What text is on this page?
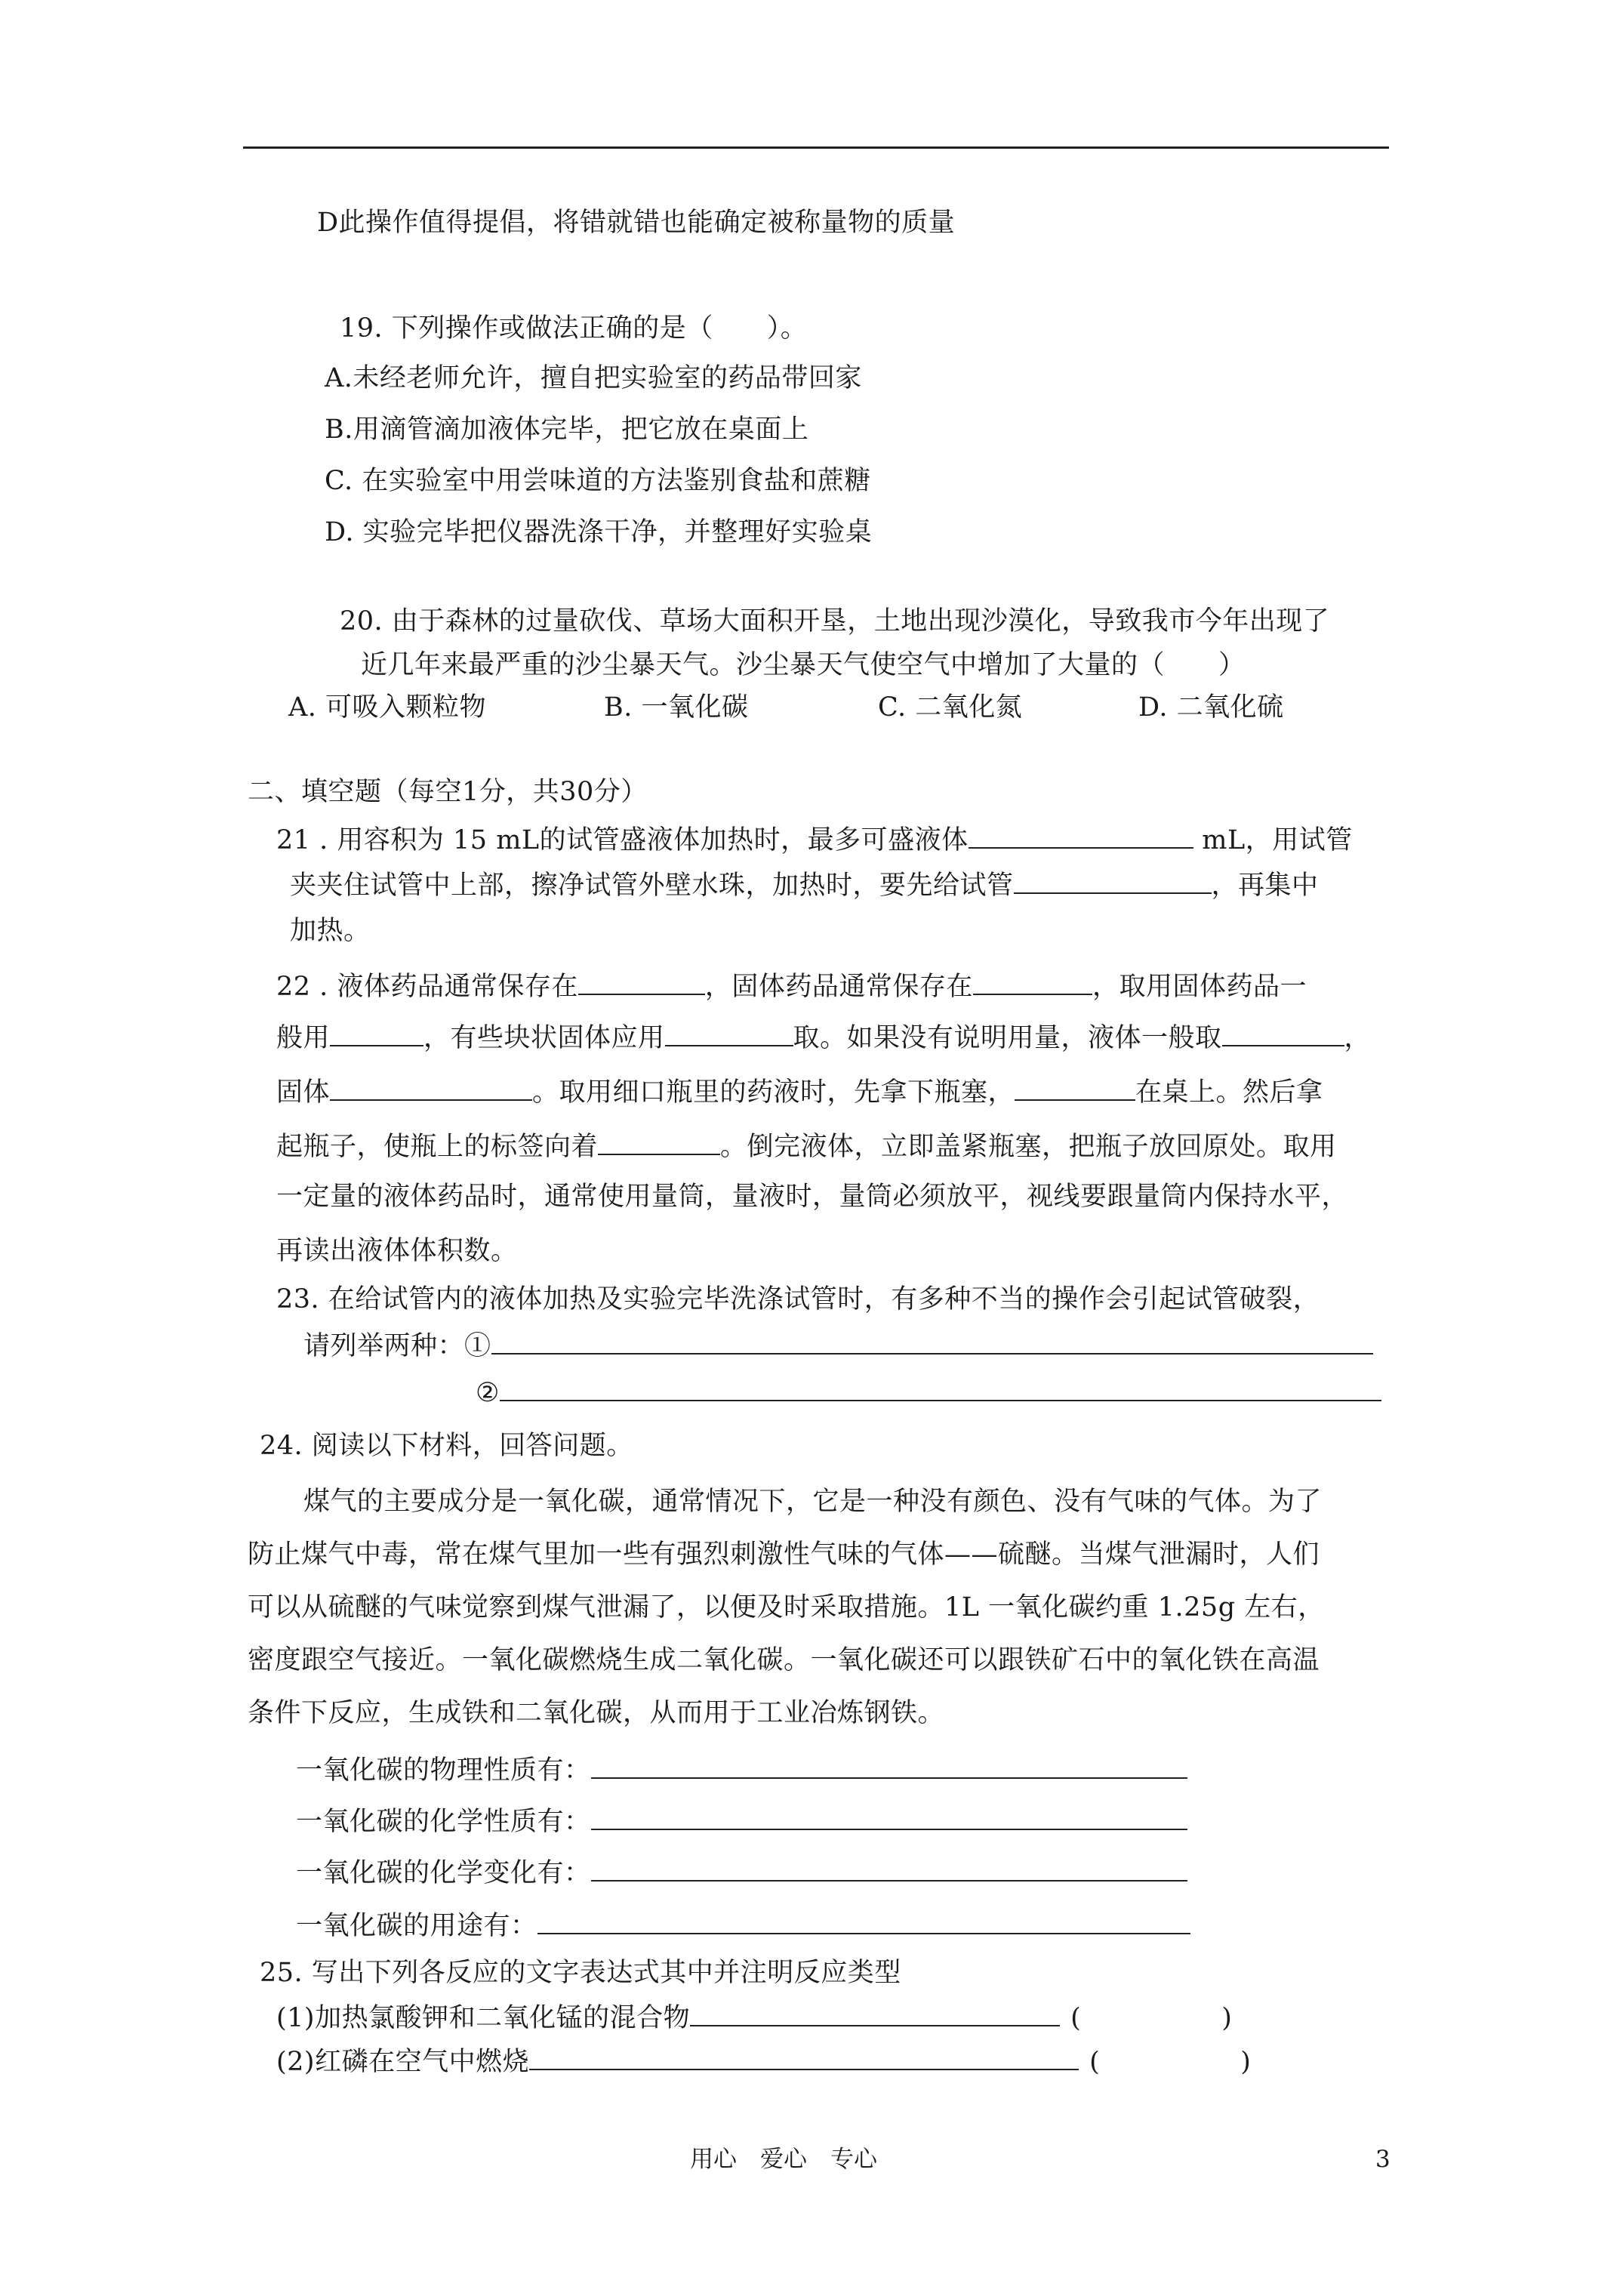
D此操作值得提倡，将错就错也能确定被称量物的质量
19. 下列操作或做法正确的是（　　）。
A.未经老师允许，擅自把实验室的药品带回家
B.用滴管滴加液体完毕，把它放在桌面上
C. 在实验室中用尝味道的方法鉴别食盐和蔗糖
D. 实验完毕把仪器洗涤干净，并整理好实验桌
20. 由于森林的过量砍伐、草场大面积开垦，土地出现沙漠化，导致我市今年出现了
近几年来最严重的沙尘暴天气。沙尘暴天气使空气中增加了大量的（　　）
A. 可吸入颗粒物	B. 一氧化碳	C. 二氧化氮	D. 二氧化硫
二、填空题（每空1分，共30分）
21 . 用容积为 15 mL的试管盛液体加热时，最多可盛液体	mL，用试管
夹夹住试管中上部，擦净试管外壁水珠，加热时，要先给试管	，再集中
加热。
22 . 液体药品通常保存在	，固体药品通常保存在	，取用固体药品一
般用	，有些块状固体应用	取。如果没有说明用量，液体一般取	，
固体	。取用细口瓶里的药液时，先拿下瓶塞，	在桌上。然后拿
起瓶子，使瓶上的标签向着	。倒完液体，立即盖紧瓶塞，把瓶子放回原处。取用
一定量的液体药品时，通常使用量筒，量液时，量筒必须放平，视线要跟量筒内保持水平，
再读出液体体积数。
23. 在给试管内的液体加热及实验完毕洗涤试管时，有多种不当的操作会引起试管破裂，
请列举两种：①
②
24. 阅读以下材料，回答问题。
煤气的主要成分是一氧化碳，通常情况下，它是一种没有颜色、没有气味的气体。为了
防止煤气中毒，常在煤气里加一些有强烈刺激性气味的气体——硫醚。当煤气泄漏时，人们
可以从硫醚的气味觉察到煤气泄漏了，以便及时采取措施。1L 一氧化碳约重 1.25g 左右，
密度跟空气接近。一氧化碳燃烧生成二氧化碳。一氧化碳还可以跟铁矿石中的氧化铁在高温
条件下反应，生成铁和二氧化碳，从而用于工业冶炼钢铁。
一氧化碳的物理性质有：
一氧化碳的化学性质有：
一氧化碳的化学变化有：
一氧化碳的用途有：
25. 写出下列各反应的文字表达式其中并注明反应类型
(1)加热氯酸钾和二氧化锰的混合物	(	)
(2)红磷在空气中燃烧	(	)
用心　爱心　专心	3
